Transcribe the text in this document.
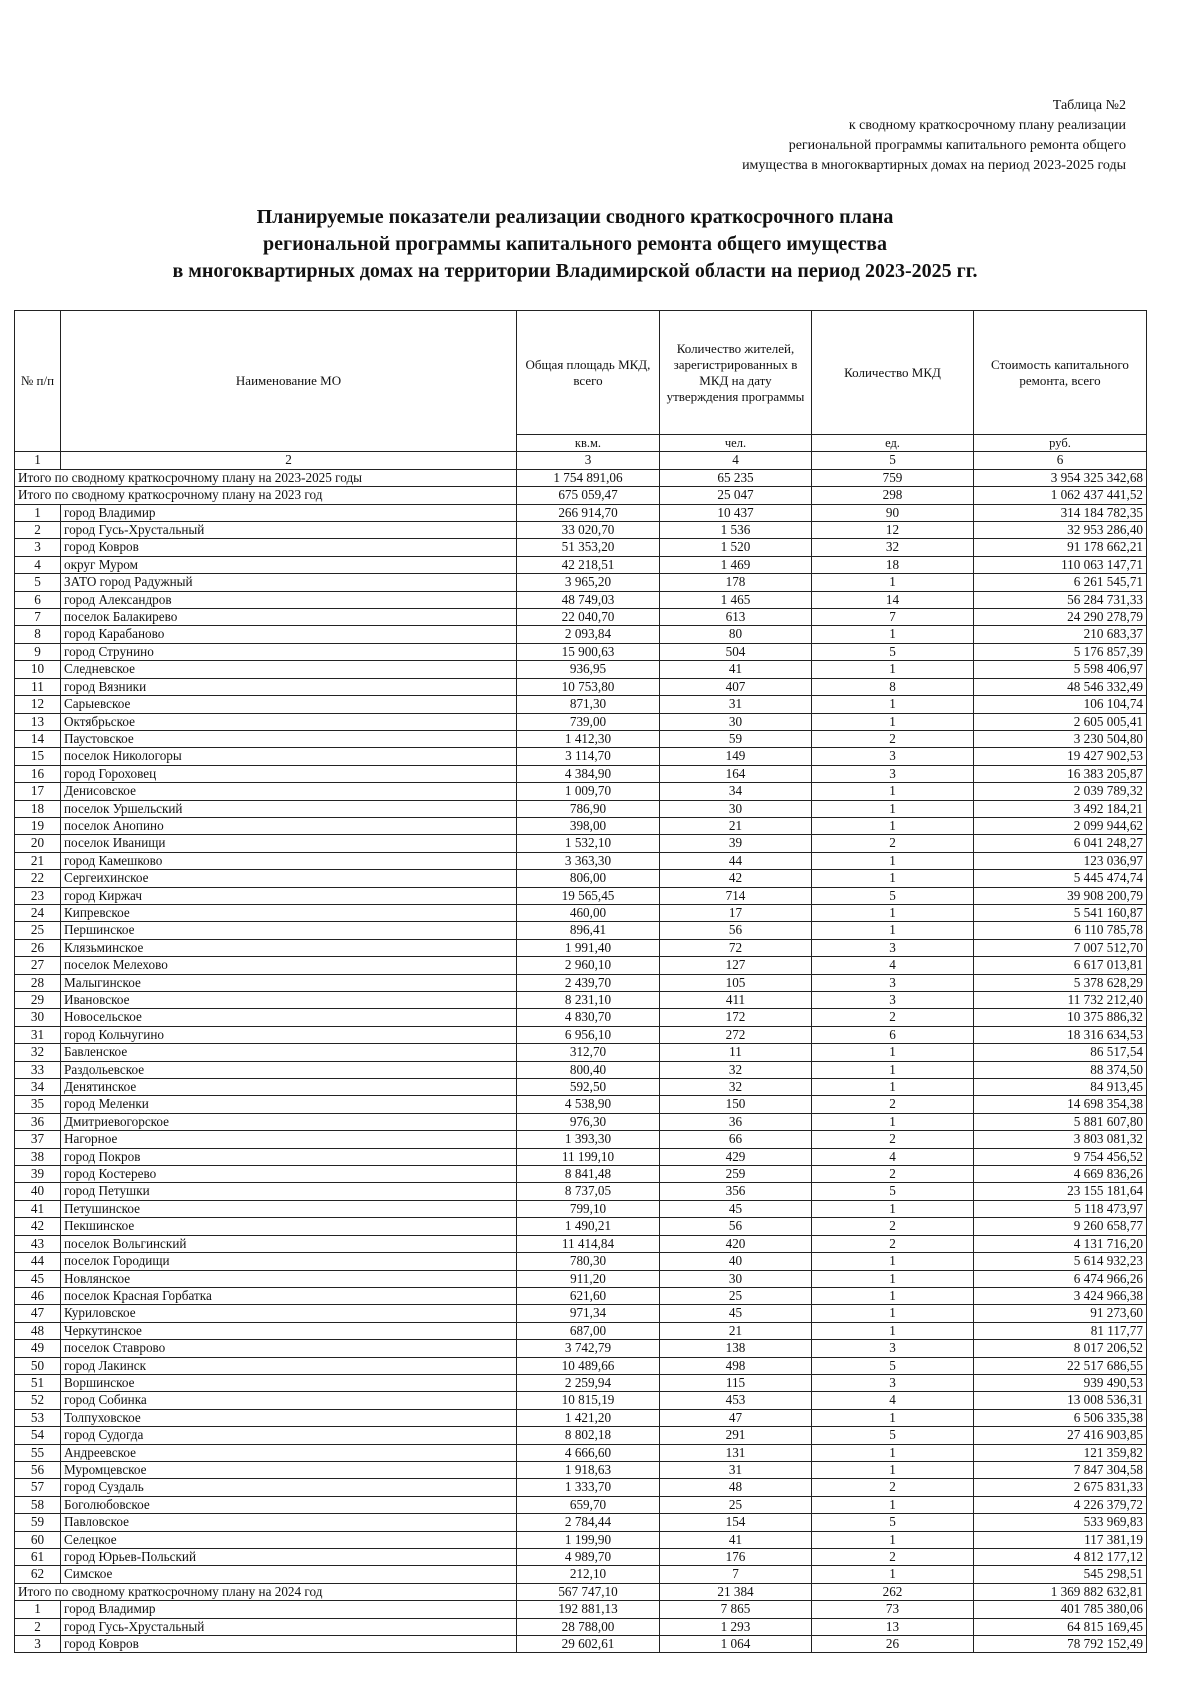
Таблица №2
к сводному краткосрочному плану реализации
региональной программы капитального ремонта общего
имущества в многоквартирных домах на период 2023-2025 годы
Планируемые показатели реализации сводного краткосрочного плана
региональной программы капитального ремонта общего имущества
в многоквартирных домах на территории Владимирской области на период 2023-2025 гг.
№ п/п	Наименование МО	Общая площадь МКД, всего	Количество жителей, зарегистрированных в МКД на дату утверждения программы	Количество МКД	Стоимость капитального ремонта, всего
		кв.м.	чел.	ед.	руб.
1	2	3	4	5	6
Итого по сводному краткосрочному плану на 2023-2025 годы		1 754 891,06	65 235	759	3 954 325 342,68
Итого по сводному краткосрочному плану на 2023 год		675 059,47	25 047	298	1 062 437 441,52
1	город Владимир	266 914,70	10 437	90	314 184 782,35
2	город Гусь-Хрустальный	33 020,70	1 536	12	32 953 286,40
3	город Ковров	51 353,20	1 520	32	91 178 662,21
4	округ Муром	42 218,51	1 469	18	110 063 147,71
5	ЗАТО город Радужный	3 965,20	178	1	6 261 545,71
6	город Александров	48 749,03	1 465	14	56 284 731,33
7	поселок Балакирево	22 040,70	613	7	24 290 278,79
8	город Карабаново	2 093,84	80	1	210 683,37
9	город Струнино	15 900,63	504	5	5 176 857,39
10	Следневское	936,95	41	1	5 598 406,97
11	город Вязники	10 753,80	407	8	48 546 332,49
12	Сарыевское	871,30	31	1	106 104,74
13	Октябрьское	739,00	30	1	2 605 005,41
14	Паустовское	1 412,30	59	2	3 230 504,80
15	поселок Никологоры	3 114,70	149	3	19 427 902,53
16	город Гороховец	4 384,90	164	3	16 383 205,87
17	Денисовское	1 009,70	34	1	2 039 789,32
18	поселок Уршельский	786,90	30	1	3 492 184,21
19	поселок Анопино	398,00	21	1	2 099 944,62
20	поселок Иванищи	1 532,10	39	2	6 041 248,27
21	город Камешково	3 363,30	44	1	123 036,97
22	Сергеихинское	806,00	42	1	5 445 474,74
23	город Киржач	19 565,45	714	5	39 908 200,79
24	Кипревское	460,00	17	1	5 541 160,87
25	Першинское	896,41	56	1	6 110 785,78
26	Клязьминское	1 991,40	72	3	7 007 512,70
27	поселок Мелехово	2 960,10	127	4	6 617 013,81
28	Малыгинское	2 439,70	105	3	5 378 628,29
29	Ивановское	8 231,10	411	3	11 732 212,40
30	Новосельское	4 830,70	172	2	10 375 886,32
31	город Кольчугино	6 956,10	272	6	18 316 634,53
32	Бавленское	312,70	11	1	86 517,54
33	Раздольевское	800,40	32	1	88 374,50
34	Денятинское	592,50	32	1	84 913,45
35	город Меленки	4 538,90	150	2	14 698 354,38
36	Дмитриевогорское	976,30	36	1	5 881 607,80
37	Нагорное	1 393,30	66	2	3 803 081,32
38	город Покров	11 199,10	429	4	9 754 456,52
39	город Костерево	8 841,48	259	2	4 669 836,26
40	город Петушки	8 737,05	356	5	23 155 181,64
41	Петушинское	799,10	45	1	5 118 473,97
42	Пекшинское	1 490,21	56	2	9 260 658,77
43	поселок Вольгинский	11 414,84	420	2	4 131 716,20
44	поселок Городищи	780,30	40	1	5 614 932,23
45	Новлянское	911,20	30	1	6 474 966,26
46	поселок Красная Горбатка	621,60	25	1	3 424 966,38
47	Куриловское	971,34	45	1	91 273,60
48	Черкутинское	687,00	21	1	81 117,77
49	поселок Ставрово	3 742,79	138	3	8 017 206,52
50	город Лакинск	10 489,66	498	5	22 517 686,55
51	Воршинское	2 259,94	115	3	939 490,53
52	город Собинка	10 815,19	453	4	13 008 536,31
53	Толпуховское	1 421,20	47	1	6 506 335,38
54	город Судогда	8 802,18	291	5	27 416 903,85
55	Андреевское	4 666,60	131	1	121 359,82
56	Муромцевское	1 918,63	31	1	7 847 304,58
57	город Суздаль	1 333,70	48	2	2 675 831,33
58	Боголюбовское	659,70	25	1	4 226 379,72
59	Павловское	2 784,44	154	5	533 969,83
60	Селецкое	1 199,90	41	1	117 381,19
61	город Юрьев-Польский	4 989,70	176	2	4 812 177,12
62	Симское	212,10	7	1	545 298,51
Итого по сводному краткосрочному плану на 2024 год		567 747,10	21 384	262	1 369 882 632,81
1	город Владимир	192 881,13	7 865	73	401 785 380,06
2	город Гусь-Хрустальный	28 788,00	1 293	13	64 815 169,45
3	город Ковров	29 602,61	1 064	26	78 792 152,49
